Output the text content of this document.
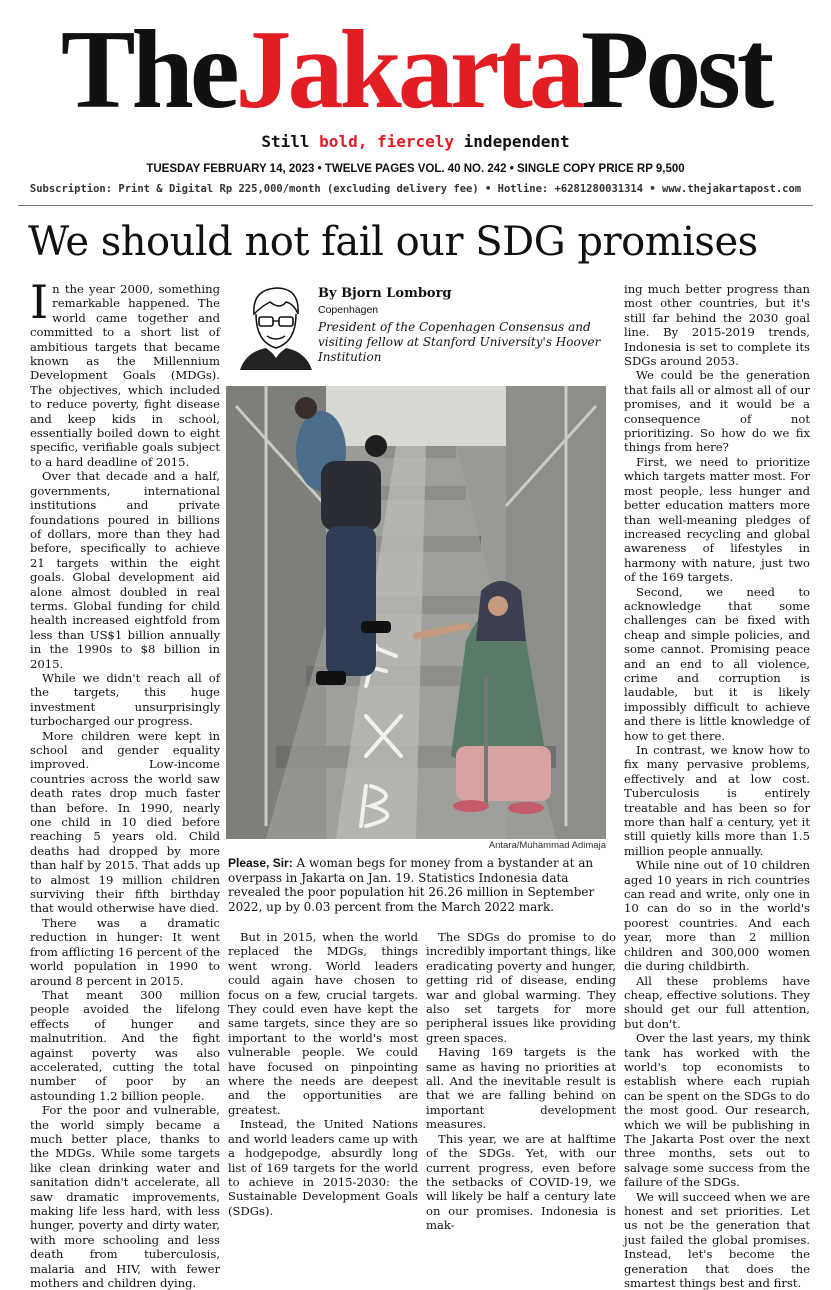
TheJakartaPost
Still bold, fiercely independent
TUESDAY FEBRUARY 14, 2023 • TWELVE PAGES VOL. 40 NO. 242 • SINGLE COPY PRICE RP 9,500
Subscription: Print & Digital Rp 225,000/month (excluding delivery fee) • Hotline: +6281280031314 • www.thejakartapost.com
We should not fail our SDG promises

In the year 2000, something remarkable happened. The world came together and committed to a short list of ambitious targets that became known as the Millennium Development Goals (MDGs). The objectives, which included to reduce poverty, fight disease and keep kids in school, essentially boiled down to eight specific, verifiable goals subject to a hard deadline of 2015.

Over that decade and a half, governments, international institutions and private foundations poured in billions of dollars, more than they had before, specifically to achieve 21 targets within the eight goals. Global development aid alone almost doubled in real terms. Global funding for child health increased eightfold from less than US$1 billion annually in the 1990s to $8 billion in 2015.

While we didn't reach all of the targets, this huge investment unsurprisingly turbocharged our progress.

More children were kept in school and gender equality improved. Low-income countries across the world saw death rates drop much faster than before. In 1990, nearly one child in 10 died before reaching 5 years old. Child deaths had dropped by more than half by 2015. That adds up to almost 19 million children surviving their fifth birthday that would otherwise have died.

There was a dramatic reduction in hunger: It went from afflicting 16 percent of the world population in 1990 to around 8 percent in 2015.

That meant 300 million people avoided the lifelong effects of hunger and malnutrition. And the fight against poverty was also accelerated, cutting the total number of poor by an astounding 1.2 billion people.

For the poor and vulnerable, the world simply became a much better place, thanks to the MDGs. While some targets like clean drinking water and sanitation didn't accelerate, all saw dramatic improvements, making life less hard, with less hunger, poverty and dirty water, with more schooling and less death from tuberculosis, malaria and HIV, with fewer mothers and children dying.

By Bjorn Lomborg
Copenhagen
President of the Copenhagen Consensus and visiting fellow at Stanford University's Hoover Institution
Antara/Muhammad Adimaja
Please, Sir: A woman begs for money from a bystander at an overpass in Jakarta on Jan. 19. Statistics Indonesia data revealed the poor population hit 26.26 million in September 2022, up by 0.03 percent from the March 2022 mark.

But in 2015, when the world replaced the MDGs, things went wrong. World leaders could again have chosen to focus on a few, crucial targets. They could even have kept the same targets, since they are so important to the world's most vulnerable people. We could have focused on pinpointing where the needs are deepest and the opportunities are greatest.

Instead, the United Nations and world leaders came up with a hodgepodge, absurdly long list of 169 targets for the world to achieve in 2015-2030: the Sustainable Development Goals (SDGs).

The SDGs do promise to do incredibly important things, like eradicating poverty and hunger, getting rid of disease, ending war and global warming. They also set targets for more peripheral issues like providing green spaces.

Having 169 targets is the same as having no priorities at all. And the inevitable result is that we are falling behind on important development measures.

This year, we are at halftime of the SDGs. Yet, with our current progress, even before the setbacks of COVID-19, we will likely be half a century late on our promises. Indonesia is mak-

ing much better progress than most other countries, but it's still far behind the 2030 goal line. By 2015-2019 trends, Indonesia is set to complete its SDGs around 2053.

We could be the generation that fails all or almost all of our promises, and it would be a consequence of not prioritizing. So how do we fix things from here?

First, we need to prioritize which targets matter most. For most people, less hunger and better education matters more than well-meaning pledges of increased recycling and global awareness of lifestyles in harmony with nature, just two of the 169 targets.

Second, we need to acknowledge that some challenges can be fixed with cheap and simple policies, and some cannot. Promising peace and an end to all violence, crime and corruption is laudable, but it is likely impossibly difficult to achieve and there is little knowledge of how to get there.

In contrast, we know how to fix many pervasive problems, effectively and at low cost. Tuberculosis is entirely treatable and has been so for more than half a century, yet it still quietly kills more than 1.5 million people annually.

While nine out of 10 children aged 10 years in rich countries can read and write, only one in 10 can do so in the world's poorest countries. And each year, more than 2 million children and 300,000 women die during childbirth.

All these problems have cheap, effective solutions. They should get our full attention, but don't.

Over the last years, my think tank has worked with the world's top economists to establish where each rupiah can be spent on the SDGs to do the most good. Our research, which we will be publishing in The Jakarta Post over the next three months, sets out to salvage some success from the failure of the SDGs.

We will succeed when we are honest and set priorities. Let us not be the generation that just failed the global promises. Instead, let's become the generation that does the smartest things best and first.
